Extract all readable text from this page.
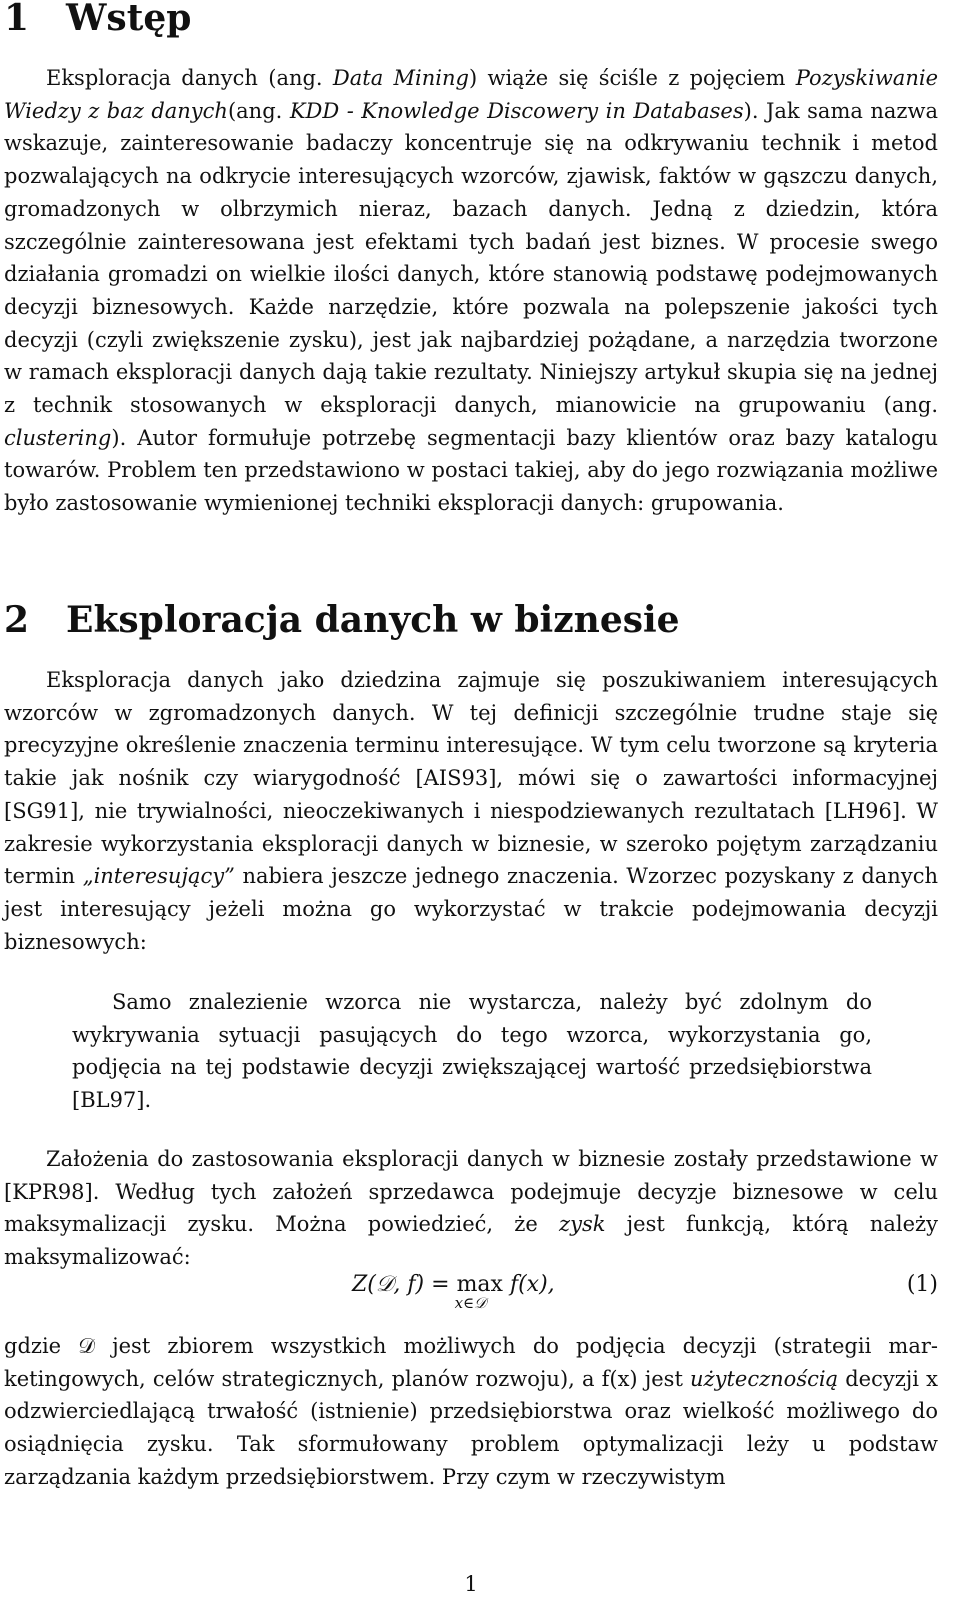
1 Wstęp

Eksploracja danych (ang. Data Mining) wiąże się ściśle z pojęciem Pozyskiwanie Wiedzy z baz danych(ang. KDD - Knowledge Discowery in Databases). Jak sama nazwa wskazuje, zainteresowanie badaczy koncentruje się na odkrywaniu technik i metod pozwalających na odkrycie interesujących wzorców, zjawisk, faktów w gąszczu danych, gromadzonych w olbrzymich nieraz, bazach danych. Jedną z dziedzin, która szczególnie zainteresowana jest efektami tych badań jest biznes. W procesie swego działania gromadzi on wielkie ilości danych, które stanowią podstawę podejmowanych decyzji biznesowych. Każde narzędzie, które pozwala na polepszenie jakości tych decyzji (czyli zwiększenie zysku), jest jak najbardziej pożądane, a narzędzia tworzone w ramach eksploracji danych dają takie rezultaty. Niniejszy artykuł skupia się na jednej z technik stosowanych w eksploracji danych, mianowicie na grupowaniu (ang. clustering). Autor formułuje potrzebę segmentacji bazy klientów oraz bazy katalogu towarów. Problem ten przedstawiono w postaci takiej, aby do jego rozwiązania możliwe było zastosowanie wymienionej techniki eksploracji danych: grupowania.

2 Eksploracja danych w biznesie

Eksploracja danych jako dziedzina zajmuje się poszukiwaniem interesujących wzorców w zgromadzonych danych. W tej definicji szczególnie trudne staje się precyzyjne określenie znaczenia terminu interesujące. W tym celu tworzone są kryteria takie jak nośnik czy wiarygodność [AIS93], mówi się o zawartości informacyjnej [SG91], nie trywialności, nieoczekiwanych i niespodziewanych rezultatach [LH96]. W zakresie wykorzystania eksploracji danych w biznesie, w szeroko pojętym zarządzaniu termin „interesujący” nabiera jeszcze jednego znaczenia. Wzorzec pozyskany z danych jest interesujący jeżeli można go wykorzystać w trakcie podejmowania decyzji biznesowych:

Samo znalezienie wzorca nie wystarcza, należy być zdolnym do wykrywania sytuacji pasujących do tego wzorca, wykorzystania go, podjęcia na tej podstawie decyzji zwiększającej wartość przedsiębiorstwa [BL97].

Założenia do zastosowania eksploracji danych w biznesie zostały przedstawione w [KPR98]. Według tych założeń sprzedawca podejmuje decyzje biznesowe w celu maksymalizacji zysku. Można powiedzieć, że zysk jest funkcją, którą należy maksymalizować:

Z(𝒟, f) = max
x∈𝒟
f(x),	(1)

gdzie 𝒟 jest zbiorem wszystkich możliwych do podjęcia decyzji (strategii marketingowych, celów strategicznych, planów rozwoju), a f(x) jest użytecznością decyzji x odzwierciedlającą trwałość (istnienie) przedsiębiorstwa oraz wielkość możliwego do osiądnięcia zysku. Tak sformułowany problem optymalizacji leży u podstaw zarządzania każdym przedsiębiorstwem. Przy czym w rzeczywistym

1
